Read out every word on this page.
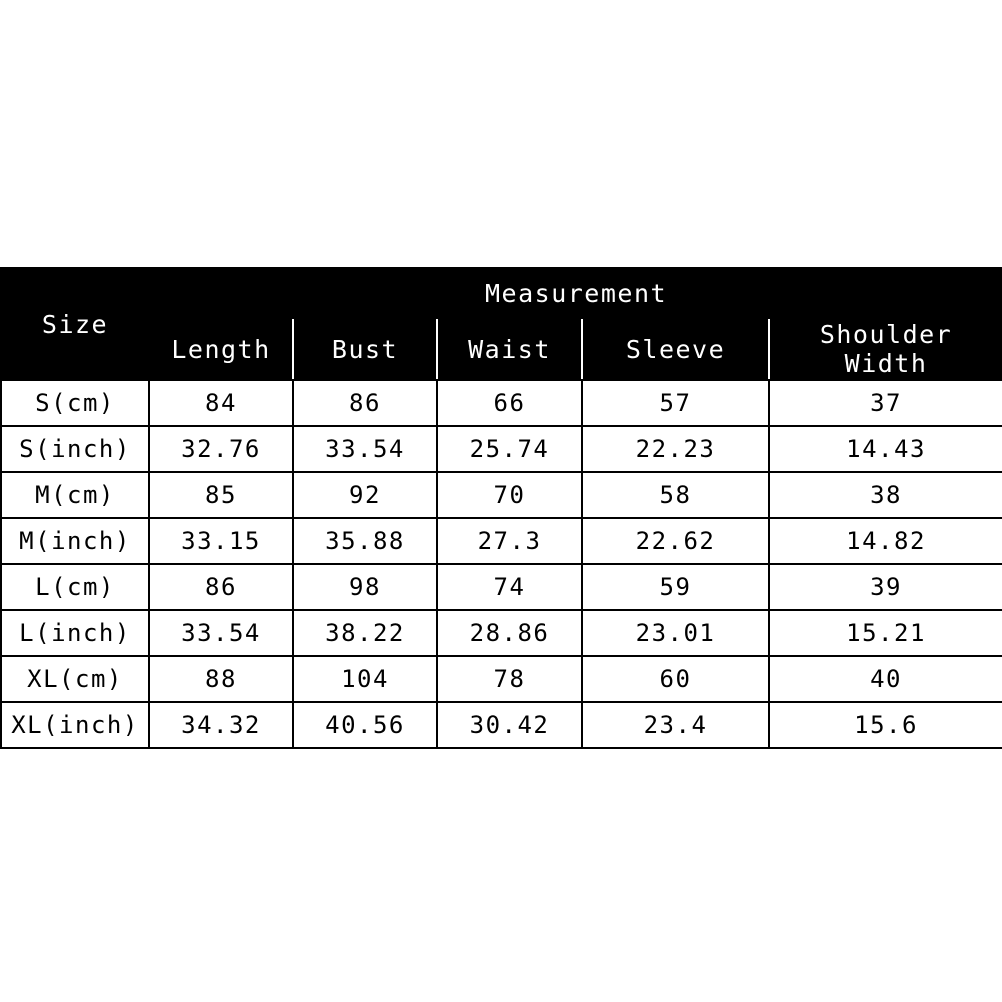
Size	Measurement				
	Length	Bust	Waist	Sleeve	Shoulder Width
S(cm)	84	86	66	57	37
S(inch)	32.76	33.54	25.74	22.23	14.43
M(cm)	85	92	70	58	38
M(inch)	33.15	35.88	27.3	22.62	14.82
L(cm)	86	98	74	59	39
L(inch)	33.54	38.22	28.86	23.01	15.21
XL(cm)	88	104	78	60	40
XL(inch)	34.32	40.56	30.42	23.4	15.6
